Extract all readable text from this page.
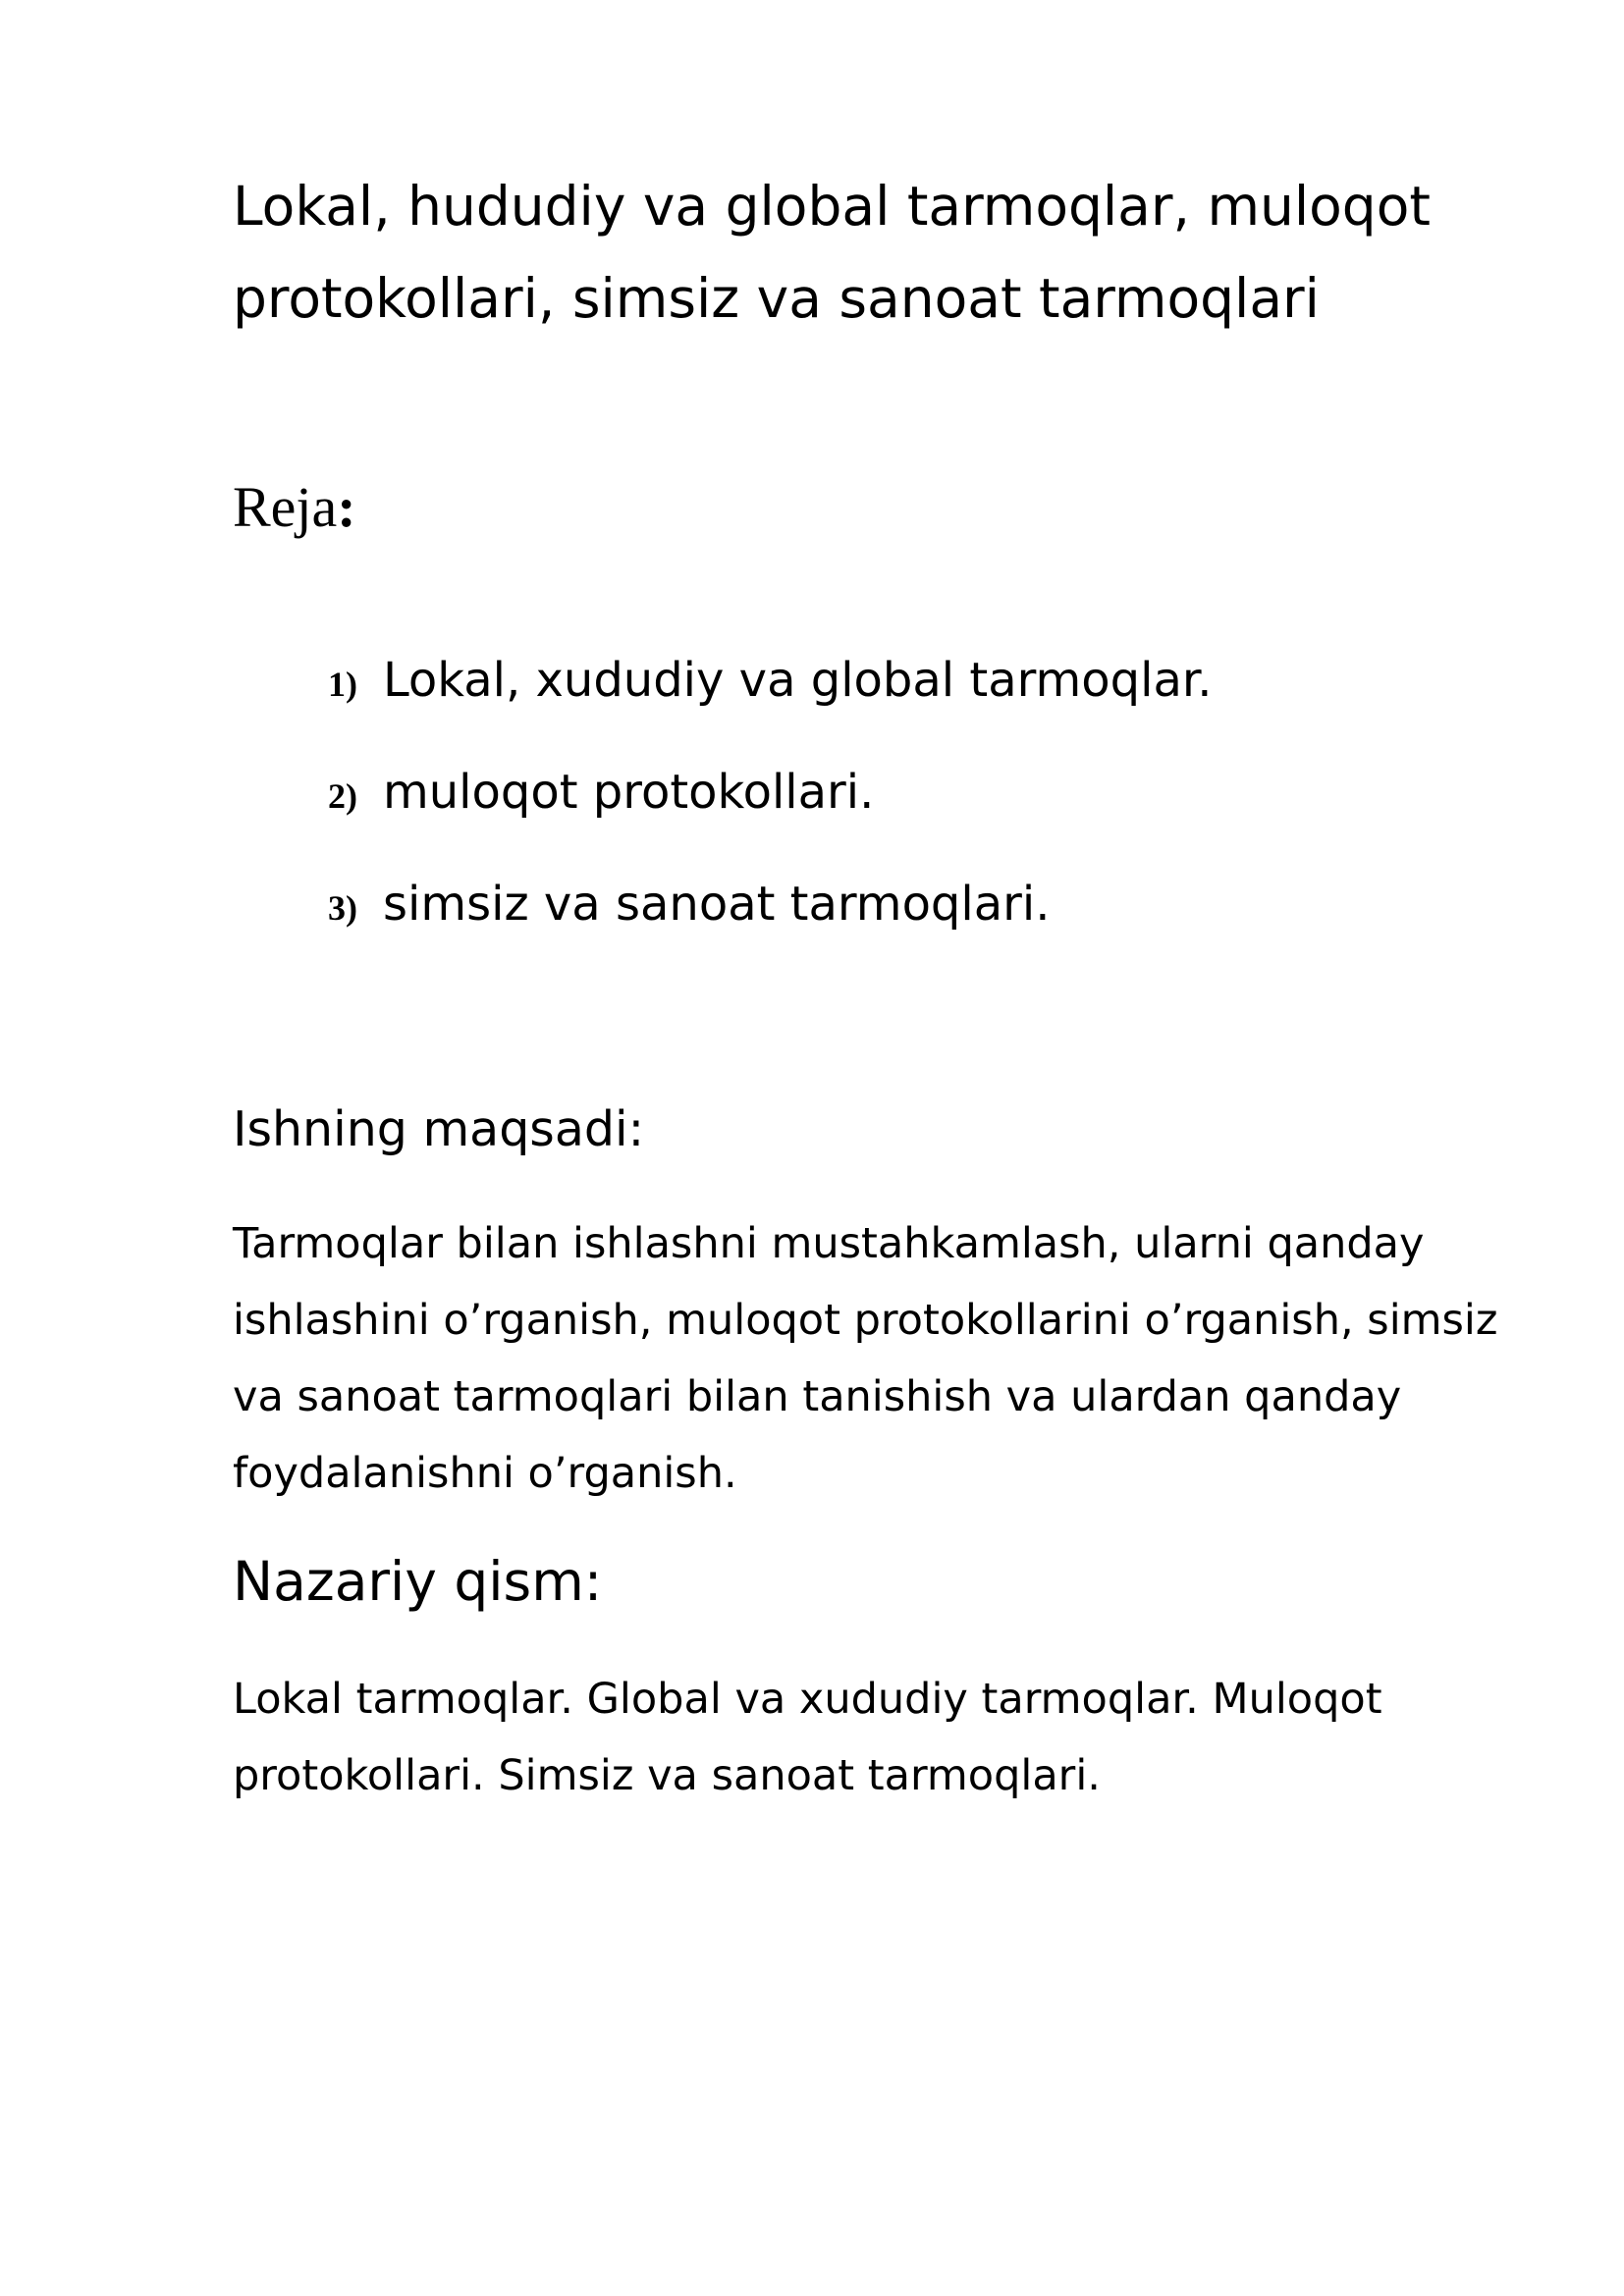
Lokal, hududiy va global tarmoqlar, muloqot protokollari, simsiz va sanoat tarmoqlari

Reja:

1) Lokal, xududiy va global tarmoqlar.
2) muloqot protokollari.
3) simsiz va sanoat tarmoqlari.
Ishning maqsadi:

Tarmoqlar bilan ishlashni mustahkamlash, ularni qanday ishlashini o’rganish, muloqot protokollarini o’rganish, simsiz va sanoat tarmoqlari bilan tanishish va ulardan qanday foydalanishni o’rganish.

Nazariy qism:

Lokal tarmoqlar. Global va xududiy tarmoqlar. Muloqot protokollari. Simsiz va sanoat tarmoqlari.
